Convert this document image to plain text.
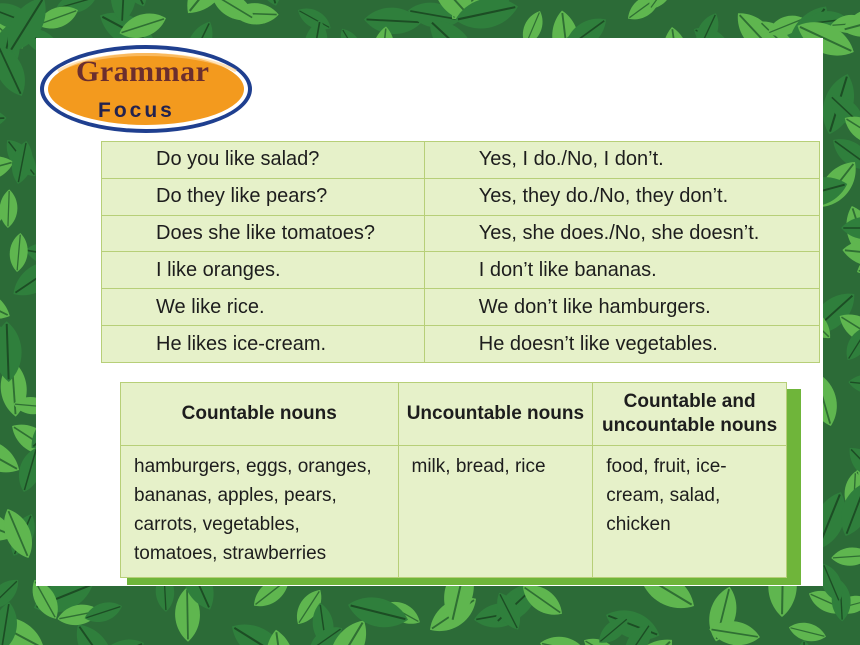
Grammar
Focus
Do you like salad?	Yes, I do./No, I don’t.
Do they like pears?	Yes, they do./No, they don’t.
Does she like tomatoes?	Yes, she does./No, she doesn’t.
I like oranges.	I don’t like bananas.
We like rice.	We don’t like hamburgers.
He likes ice-cream.	He doesn’t like vegetables.
Countable nouns	Uncountable nouns	Countable and
uncountable nouns

hamburgers, eggs, oranges, bananas, apples, pears, carrots, vegetables, tomatoes, strawberries	milk, bread, rice	food, fruit, ice-cream, salad, chicken
